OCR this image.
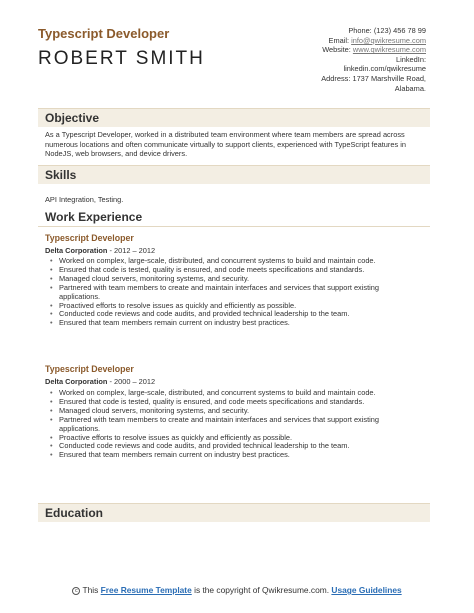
Typescript Developer
ROBERT SMITH
Phone: (123) 456 78 99
Email: info@qwikresume.com
Website: www.qwikresume.com
LinkedIn:
linkedin.com/qwikresume
Address: 1737 Marshville Road,
Alabama.
Objective
As a Typescript Developer, worked in a distributed team environment where team members are spread across numerous locations and often communicate virtually to support clients, experienced with TypeScript features in NodeJS, web browsers, and device drivers.
Skills
API Integration, Testing.
Work Experience
Typescript Developer
Delta Corporation - 2012 – 2012
• Worked on complex, large-scale, distributed, and concurrent systems to build and maintain code.
• Ensured that code is tested, quality is ensured, and code meets specifications and standards.
• Managed cloud servers, monitoring systems, and security.
• Partnered with team members to create and maintain interfaces and services that support existing applications.
• Proactived efforts to resolve issues as quickly and efficiently as possible.
• Conducted code reviews and code audits, and provided technical leadership to the team.
• Ensured that team members remain current on industry best practices.
Typescript Developer
Delta Corporation - 2000 – 2012
• Worked on complex, large-scale, distributed, and concurrent systems to build and maintain code.
• Ensured that code is tested, quality is ensured, and code meets specifications and standards.
• Managed cloud servers, monitoring systems, and security.
• Partnered with team members to create and maintain interfaces and services that support existing applications.
• Proactive efforts to resolve issues as quickly and efficiently as possible.
• Conducted code reviews and code audits, and provided technical leadership to the team.
• Ensured that team members remain current on industry best practices.
Education
c This Free Resume Template is the copyright of Qwikresume.com. Usage Guidelines
